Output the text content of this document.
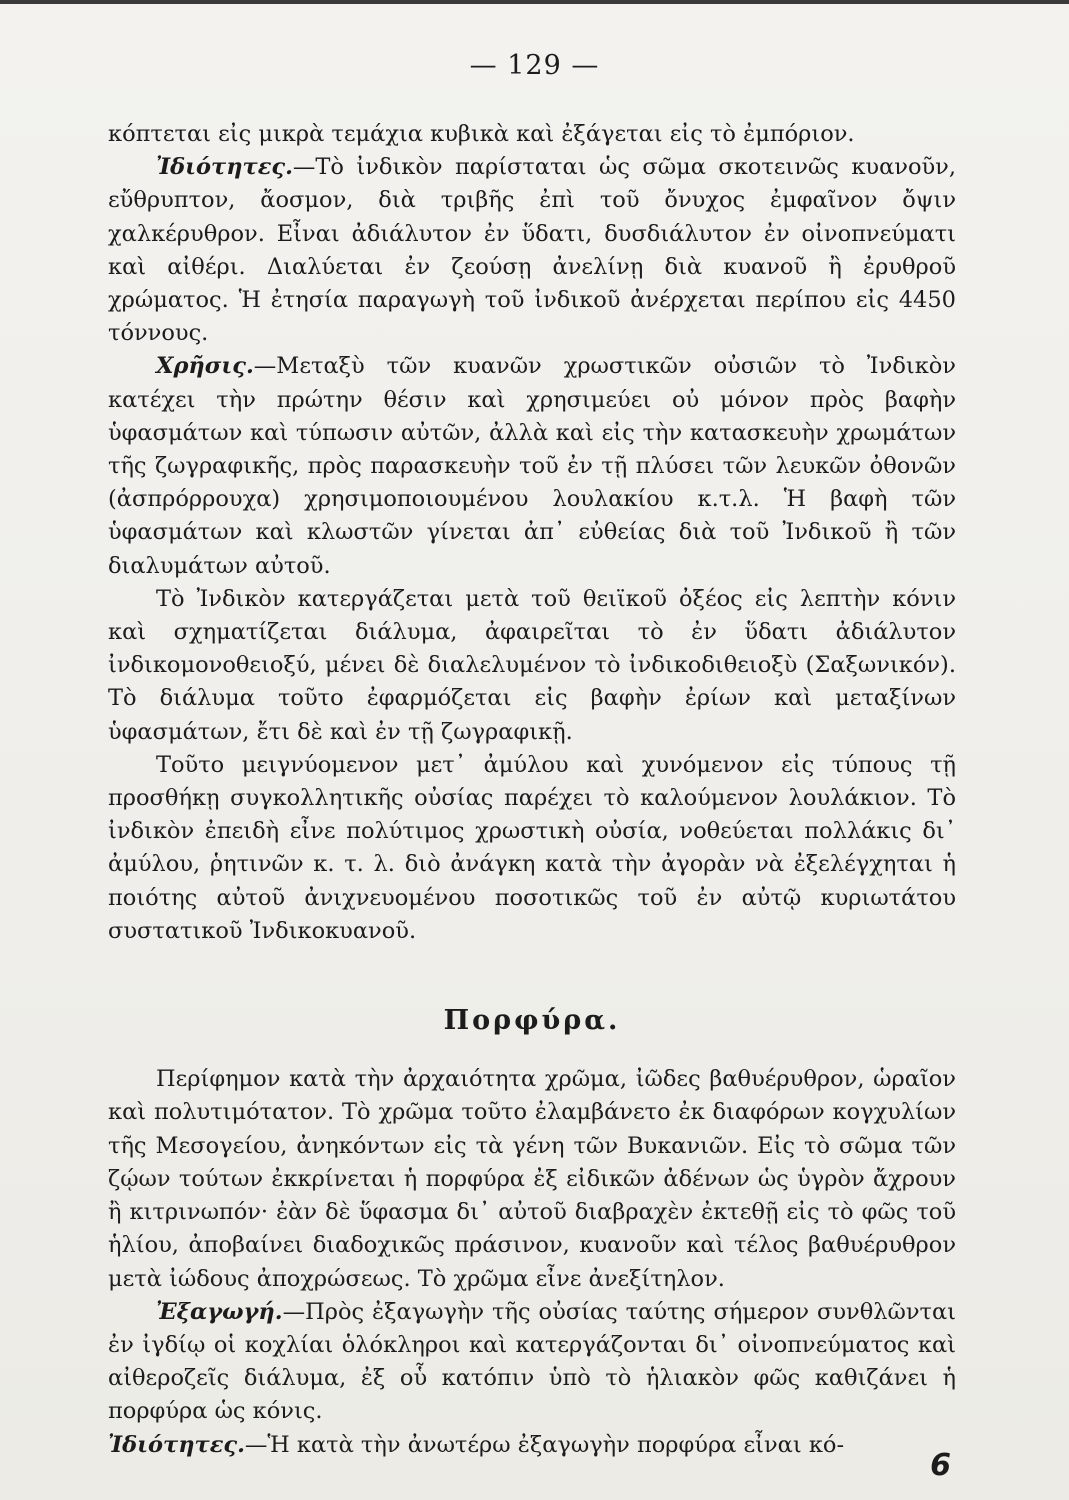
— 129 —

κόπτεται εἰς μικρὰ τεμάχια κυβικὰ καὶ ἐξάγεται εἰς τὸ ἐμπόριον.

Ἰδιότητες.—Τὸ ἰνδικὸν παρίσταται ὡς σῶμα σκοτεινῶς κυανοῦν, εὔθρυπτον, ἄοσμον, διὰ τριβῆς ἐπὶ τοῦ ὄνυχος ἐμφαῖνον ὄψιν χαλκέρυθρον. Εἶναι ἀδιάλυτον ἐν ὕδατι, δυσδιάλυτον ἐν οἰνοπνεύματι καὶ αἰθέρι. Διαλύεται ἐν ζεούσῃ ἀνελίνῃ διὰ κυανοῦ ἢ ἐρυθροῦ χρώματος. Ἡ ἐτησία παραγωγὴ τοῦ ἰνδικοῦ ἀνέρχεται περίπου εἰς 4450 τόννους.

Χρῆσις.—Μεταξὺ τῶν κυανῶν χρωστικῶν οὐσιῶν τὸ Ἰνδικὸν κατέχει τὴν πρώτην θέσιν καὶ χρησιμεύει οὐ μόνον πρὸς βαφὴν ὑφασμάτων καὶ τύπωσιν αὐτῶν, ἀλλὰ καὶ εἰς τὴν κατασκευὴν χρωμάτων τῆς ζωγραφικῆς, πρὸς παρασκευὴν τοῦ ἐν τῇ πλύσει τῶν λευκῶν ὀθονῶν (ἀσπρόρρουχα) χρησιμοποιουμένου λουλακίου κ.τ.λ. Ἡ βαφὴ τῶν ὑφασμάτων καὶ κλωστῶν γίνεται ἀπ᾽ εὐθείας διὰ τοῦ Ἰνδικοῦ ἢ τῶν διαλυμάτων αὐτοῦ.

Τὸ Ἰνδικὸν κατεργάζεται μετὰ τοῦ θειϊκοῦ ὀξέος εἰς λεπτὴν κόνιν καὶ σχηματίζεται διάλυμα, ἀφαιρεῖται τὸ ἐν ὕδατι ἀδιάλυτον ἰνδικομονοθειοξύ, μένει δὲ διαλελυμένον τὸ ἰνδικοδιθειοξὺ (Σαξωνικόν). Τὸ διάλυμα τοῦτο ἐφαρμόζεται εἰς βαφὴν ἐρίων καὶ μεταξίνων ὑφασμάτων, ἔτι δὲ καὶ ἐν τῇ ζωγραφικῇ.

Τοῦτο μειγνύομενον μετ᾽ ἀμύλου καὶ χυνόμενον εἰς τύπους τῇ προσθήκῃ συγκολλητικῆς οὐσίας παρέχει τὸ καλούμενον λουλάκιον. Τὸ ἰνδικὸν ἐπειδὴ εἶνε πολύτιμος χρωστικὴ οὐσία, νοθεύεται πολλάκις δι᾽ ἀμύλου, ῥητινῶν κ. τ. λ. διὸ ἀνάγκη κατὰ τὴν ἀγορὰν νὰ ἐξελέγχηται ἡ ποιότης αὐτοῦ ἀνιχνευομένου ποσοτικῶς τοῦ ἐν αὐτῷ κυριωτάτου συστατικοῦ Ἰνδικοκυανοῦ.

Πορφύρα.

Περίφημον κατὰ τὴν ἀρχαιότητα χρῶμα, ἰῶδες βαθυέρυθρον, ὡραῖον καὶ πολυτιμότατον. Τὸ χρῶμα τοῦτο ἐλαμβάνετο ἐκ διαφόρων κογχυλίων τῆς Μεσογείου, ἀνηκόντων εἰς τὰ γένη τῶν Βυκανιῶν. Εἰς τὸ σῶμα τῶν ζῴων τούτων ἐκκρίνεται ἡ πορφύρα ἐξ εἰδικῶν ἀδένων ὡς ὑγρὸν ἄχρουν ἢ κιτρινωπόν· ἐὰν δὲ ὕφασμα δι᾽ αὐτοῦ διαβραχὲν ἐκτεθῇ εἰς τὸ φῶς τοῦ ἡλίου, ἀποβαίνει διαδοχικῶς πράσινον, κυανοῦν καὶ τέλος βαθυέρυθρον μετὰ ἰώδους ἀποχρώσεως. Τὸ χρῶμα εἶνε ἀνεξίτηλον.

Ἐξαγωγή.—Πρὸς ἐξαγωγὴν τῆς οὐσίας ταύτης σήμερον συνθλῶνται ἐν ἰγδίῳ οἱ κοχλίαι ὁλόκληροι καὶ κατεργάζονται δι᾽ οἰνοπνεύματος καὶ αἰθεροζεῖς διάλυμα, ἐξ οὗ κατόπιν ὑπὸ τὸ ἡλιακὸν φῶς καθιζάνει ἡ πορφύρα ὡς κόνις.

Ἰδιότητες.—Ἡ κατὰ τὴν ἀνωτέρω ἐξαγωγὴν πορφύρα εἶναι κό-

6
